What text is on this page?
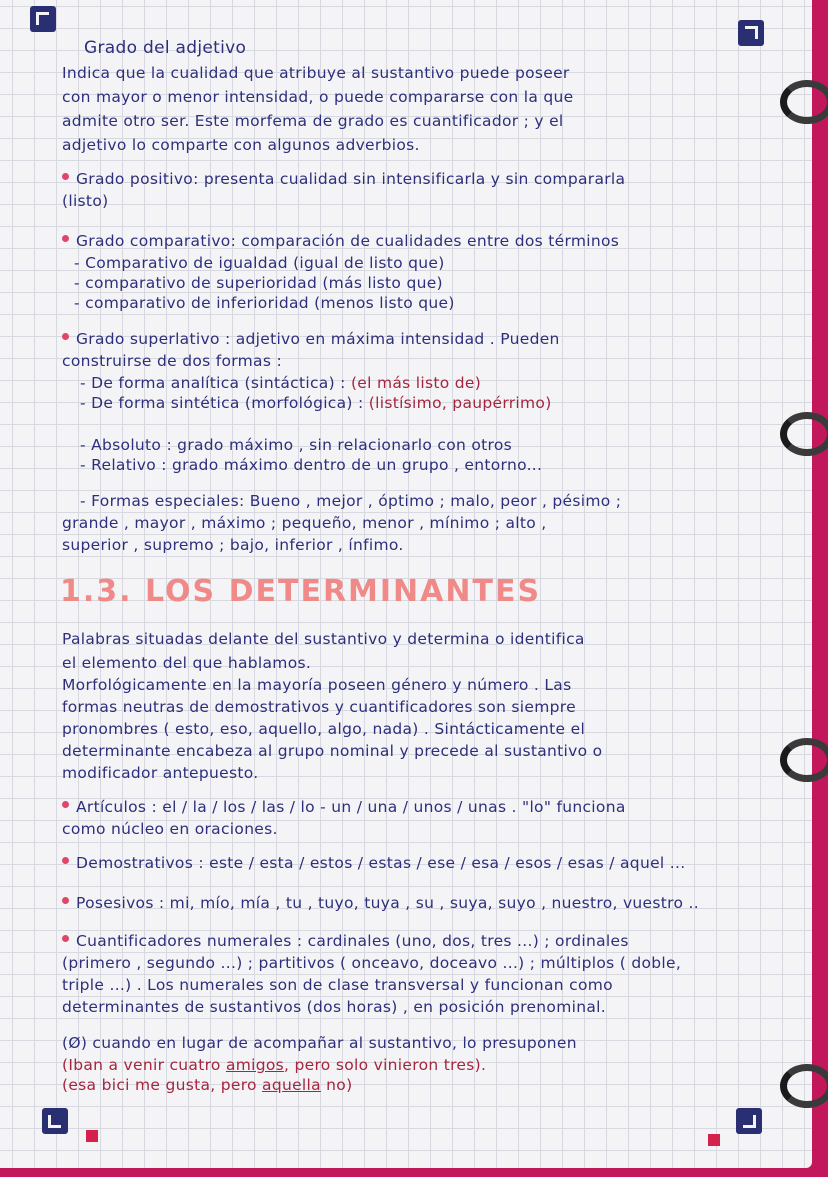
Grado del adjetivo
Indica que la cualidad que atribuye al sustantivo puede poseer
con mayor o menor intensidad, o puede compararse con la que
admite otro ser. Este morfema de grado es cuantificador ; y el
adjetivo lo comparte con algunos adverbios.
Grado positivo: presenta cualidad sin intensificarla y sin compararla
(listo)
Grado comparativo: comparación de cualidades entre dos términos
- Comparativo de igualdad (igual de listo que)
- comparativo de superioridad (más listo que)
- comparativo de inferioridad (menos listo que)
Grado superlativo : adjetivo en máxima intensidad . Pueden
construirse de dos formas :
- De forma analítica (sintáctica) : (el más listo de)
- De forma sintética (morfológica) : (listísimo, paupérrimo)
- Absoluto : grado máximo , sin relacionarlo con otros
- Relativo : grado máximo dentro de un grupo , entorno...
- Formas especiales: Bueno , mejor , óptimo ; malo, peor , pésimo ;
grande , mayor , máximo ; pequeño, menor , mínimo ; alto ,
superior , supremo ; bajo, inferior , ínfimo.
1.3. LOS DETERMINANTES
Palabras situadas delante del sustantivo y determina o identifica
el elemento del que hablamos.
Morfológicamente en la mayoría poseen género y número . Las
formas neutras de demostrativos y cuantificadores son siempre
pronombres ( esto, eso, aquello, algo, nada) . Sintácticamente el
determinante encabeza al grupo nominal y precede al sustantivo o
modificador antepuesto.
Artículos : el / la / los / las / lo - un / una / unos / unas . "lo" funciona
como núcleo en oraciones.
Demostrativos : este / esta / estos / estas / ese / esa / esos / esas / aquel ...
Posesivos : mi, mío, mía , tu , tuyo, tuya , su , suya, suyo , nuestro, vuestro ..
Cuantificadores numerales : cardinales (uno, dos, tres ...) ; ordinales
(primero , segundo ...) ; partitivos ( onceavo, doceavo ...) ; múltiplos ( doble,
triple ...) . Los numerales son de clase transversal y funcionan como
determinantes de sustantivos (dos horas) , en posición prenominal.
(Ø) cuando en lugar de acompañar al sustantivo, lo presuponen
(Iban a venir cuatro amigos, pero solo vinieron tres).
(esa bici me gusta, pero aquella no)
